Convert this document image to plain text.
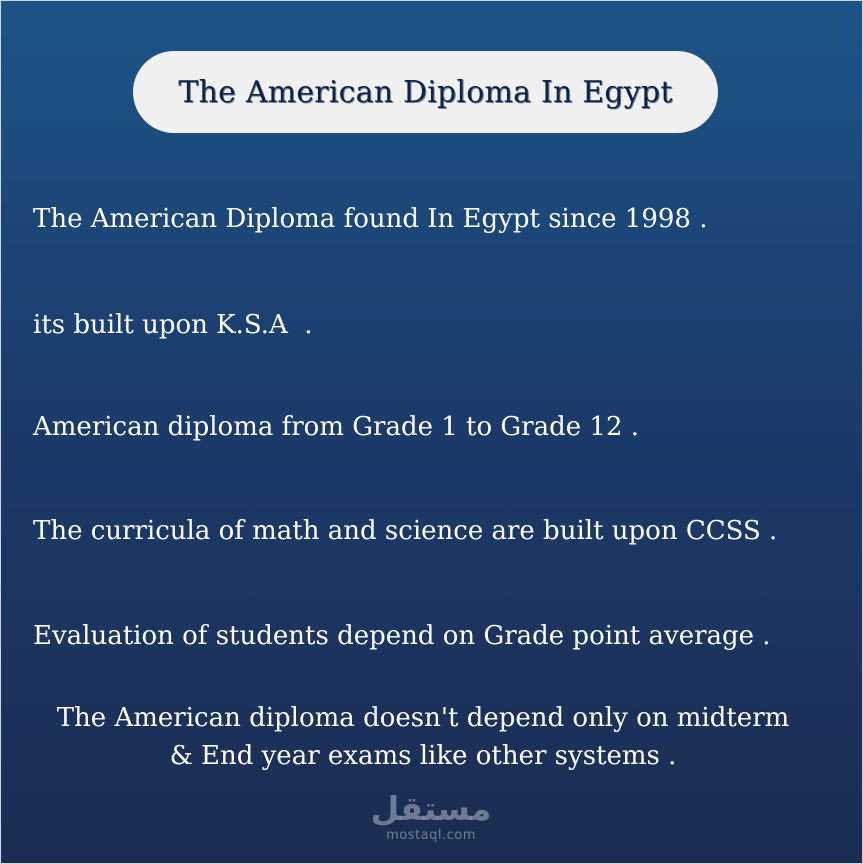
The American Diploma In Egypt
The American Diploma found In Egypt since 1998 .
its built upon K.S.A  .
American diploma from Grade 1 to Grade 12 .
The curricula of math and science are built upon CCSS .
Evaluation of students depend on Grade point average .
The American diploma doesn't depend only on midterm
& End year exams like other systems .
مستقل
mostaql.com
